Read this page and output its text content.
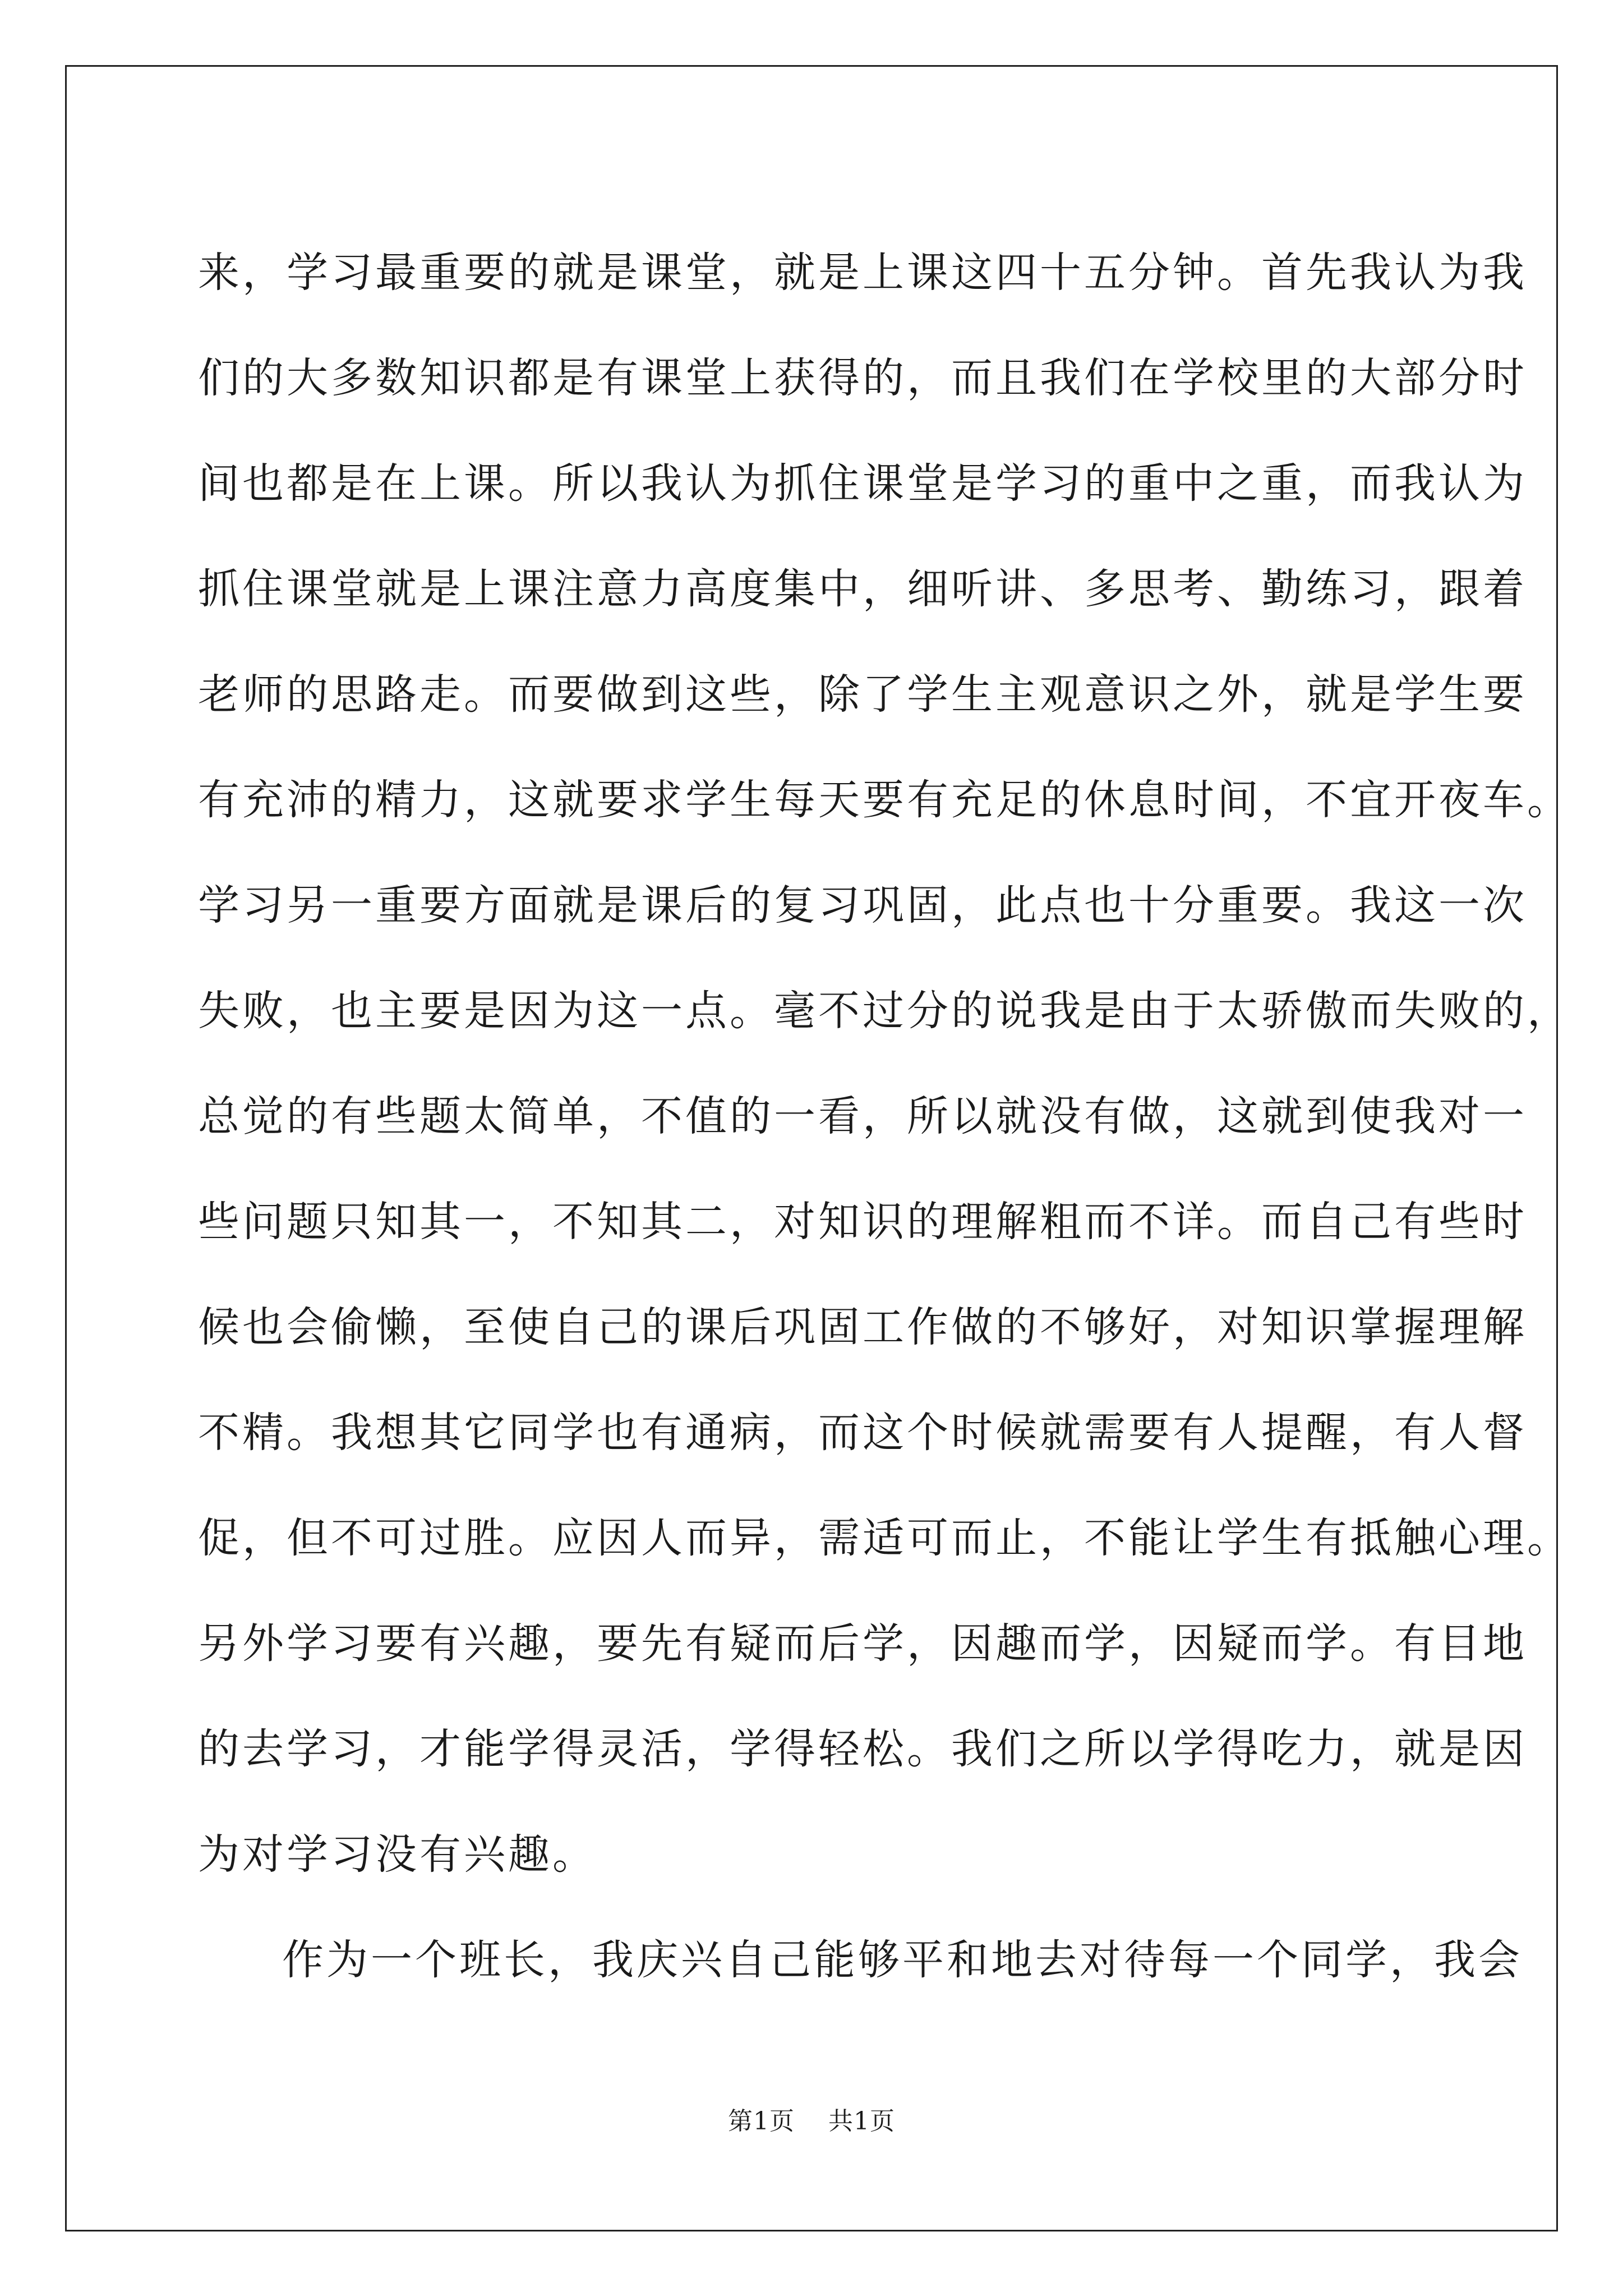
来，学习最重要的就是课堂，就是上课这四十五分钟。首先我认为我
们的大多数知识都是有课堂上获得的，而且我们在学校里的大部分时
间也都是在上课。所以我认为抓住课堂是学习的重中之重，而我认为
抓住课堂就是上课注意力高度集中，细听讲、多思考、勤练习，跟着
老师的思路走。而要做到这些，除了学生主观意识之外，就是学生要
有充沛的精力，这就要求学生每天要有充足的休息时间，不宜开夜车。
学习另一重要方面就是课后的复习巩固，此点也十分重要。我这一次
失败，也主要是因为这一点。毫不过分的说我是由于太骄傲而失败的，
总觉的有些题太简单，不值的一看，所以就没有做，这就到使我对一
些问题只知其一，不知其二，对知识的理解粗而不详。而自己有些时
候也会偷懒，至使自己的课后巩固工作做的不够好，对知识掌握理解
不精。我想其它同学也有通病，而这个时候就需要有人提醒，有人督
促，但不可过胜。应因人而异，需适可而止，不能让学生有抵触心理。
另外学习要有兴趣，要先有疑而后学，因趣而学，因疑而学。有目地
的去学习，才能学得灵活，学得轻松。我们之所以学得吃力，就是因
为对学习没有兴趣。
作为一个班长，我庆兴自己能够平和地去对待每一个同学，我会
第1页 共1页
